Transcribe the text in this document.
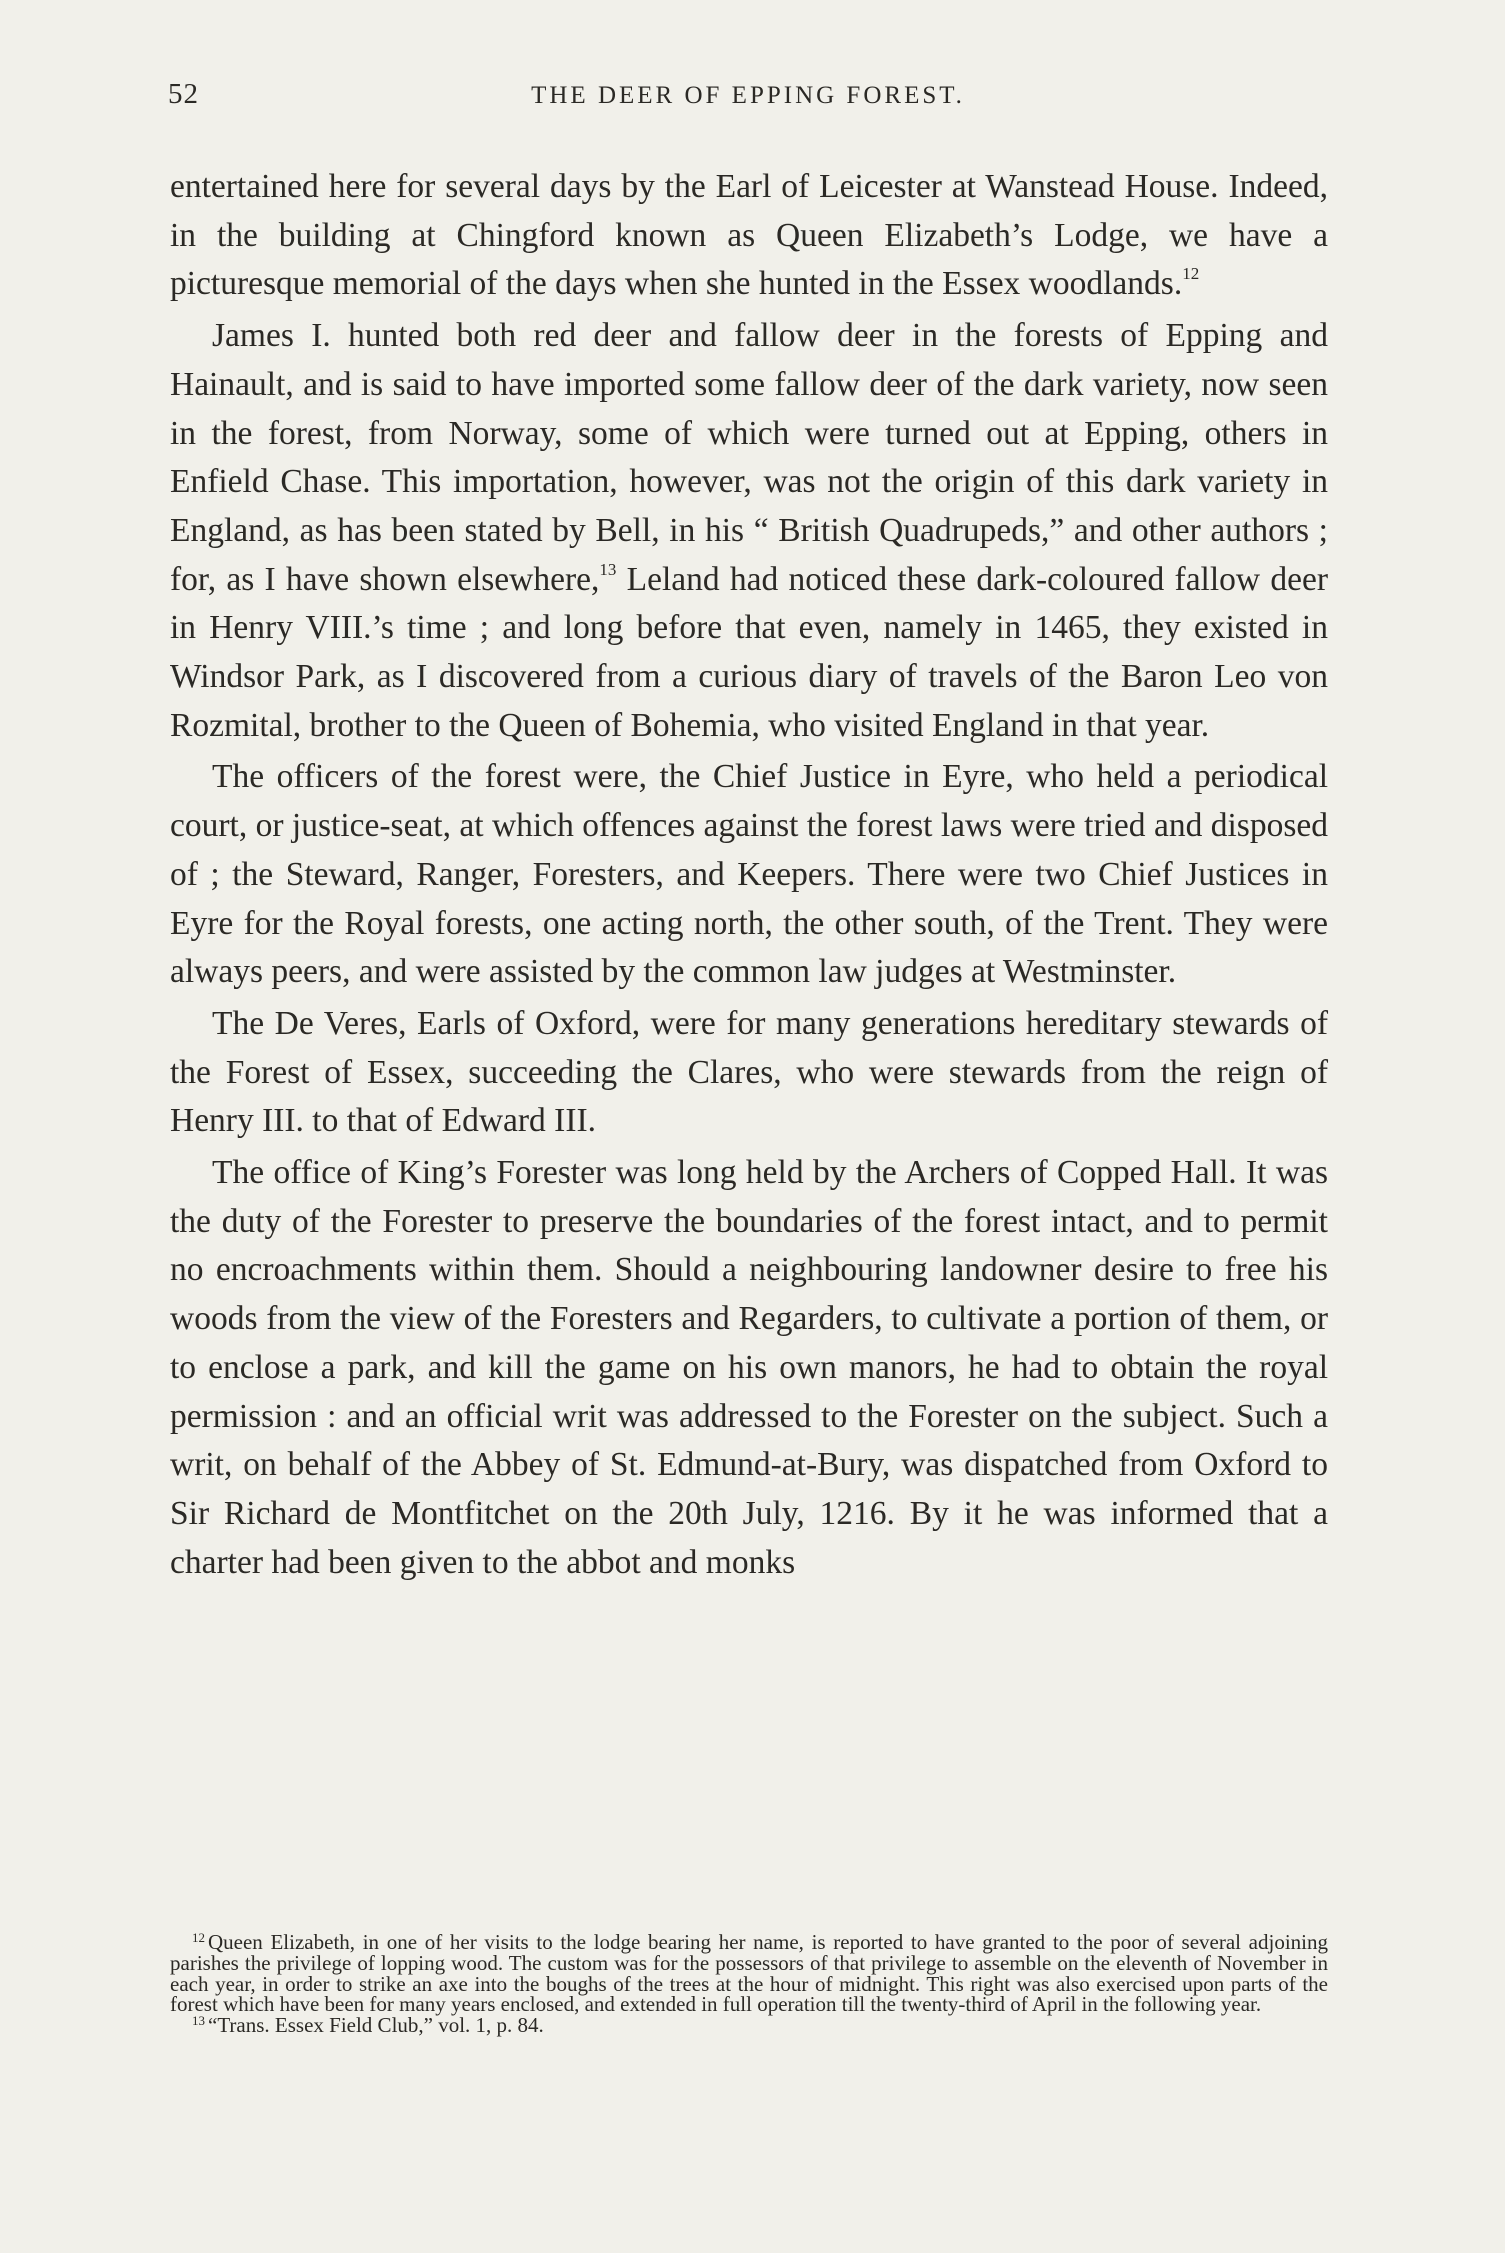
52	THE DEER OF EPPING FOREST.

entertained here for several days by the Earl of Leicester at Wanstead House. Indeed, in the building at Chingford known as Queen Elizabeth’s Lodge, we have a picturesque memorial of the days when she hunted in the Essex woodlands.$^{12}$

James I. hunted both red deer and fallow deer in the forests of Epping and Hainault, and is said to have imported some fallow deer of the dark variety, now seen in the forest, from Norway, some of which were turned out at Epping, others in Enfield Chase. This importation, however, was not the origin of this dark variety in England, as has been stated by Bell, in his “ British Quadrupeds,” and other authors ; for, as I have shown elsewhere,$^{13}$ Leland had noticed these dark-coloured fallow deer in Henry VIII.’s time ; and long before that even, namely in 1465, they existed in Windsor Park, as I discovered from a curious diary of travels of the Baron Leo von Rozmital, brother to the Queen of Bohemia, who visited England in that year.

The officers of the forest were, the Chief Justice in Eyre, who held a periodical court, or justice-seat, at which offences against the forest laws were tried and disposed of ; the Steward, Ranger, Foresters, and Keepers. There were two Chief Justices in Eyre for the Royal forests, one acting north, the other south, of the Trent. They were always peers, and were assisted by the common law judges at Westminster.

The De Veres, Earls of Oxford, were for many generations hereditary stewards of the Forest of Essex, succeeding the Clares, who were stewards from the reign of Henry III. to that of Edward III.

The office of King’s Forester was long held by the Archers of Copped Hall. It was the duty of the Forester to preserve the boundaries of the forest intact, and to permit no encroachments within them. Should a neighbouring landowner desire to free his woods from the view of the Foresters and Regarders, to cultivate a portion of them, or to enclose a park, and kill the game on his own manors, he had to obtain the royal permission : and an official writ was addressed to the Forester on the subject. Such a writ, on behalf of the Abbey of St. Edmund-at-Bury, was dispatched from Oxford to Sir Richard de Montfitchet on the 20th July, 1216. By it he was informed that a charter had been given to the abbot and monks

$^{12}$ Queen Elizabeth, in one of her visits to the lodge bearing her name, is reported to have granted to the poor of several adjoining parishes the privilege of lopping wood. The custom was for the possessors of that privilege to assemble on the eleventh of November in each year, in order to strike an axe into the boughs of the trees at the hour of midnight. This right was also exercised upon parts of the forest which have been for many years enclosed, and extended in full operation till the twenty-third of April in the following year.

$^{13}$ “Trans. Essex Field Club,” vol. 1, p. 84.
